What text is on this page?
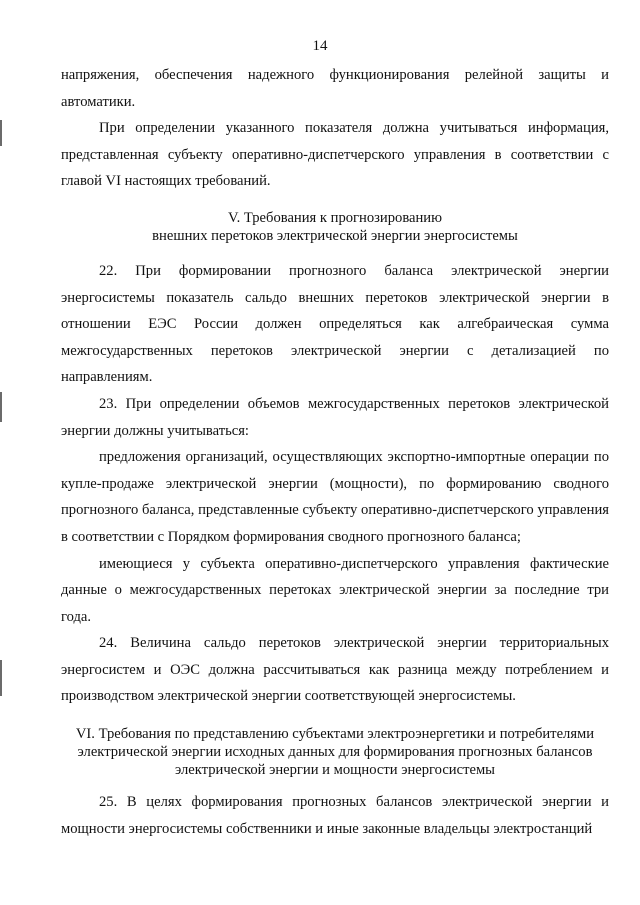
14

напряжения, обеспечения надежного функционирования релейной защиты и автоматики.

При определении указанного показателя должна учитываться информация, представленная субъекту оперативно-диспетчерского управления в соответствии с главой VI настоящих требований.

V. Требования к прогнозированию

внешних перетоков электрической энергии энергосистемы

22. При формировании прогнозного баланса электрической энергии энергосистемы показатель сальдо внешних перетоков электрической энергии в отношении ЕЭС России должен определяться как алгебраическая сумма межгосударственных перетоков электрической энергии с детализацией по направлениям.

23. При определении объемов межгосударственных перетоков электрической энергии должны учитываться:

предложения организаций, осуществляющих экспортно-импортные операции по купле-продаже электрической энергии (мощности), по формированию сводного прогнозного баланса, представленные субъекту оперативно-диспетчерского управления в соответствии с Порядком формирования сводного прогнозного баланса;

имеющиеся у субъекта оперативно-диспетчерского управления фактические данные о межгосударственных перетоках электрической энергии за последние три года.

24. Величина сальдо перетоков электрической энергии территориальных энергосистем и ОЭС должна рассчитываться как разница между потреблением и производством электрической энергии соответствующей энергосистемы.

VI. Требования по представлению субъектами электроэнергетики и потребителями

электрической энергии исходных данных для формирования прогнозных балансов

электрической энергии и мощности энергосистемы

25. В целях формирования прогнозных балансов электрической энергии и мощности энергосистемы собственники и иные законные владельцы электростанций
